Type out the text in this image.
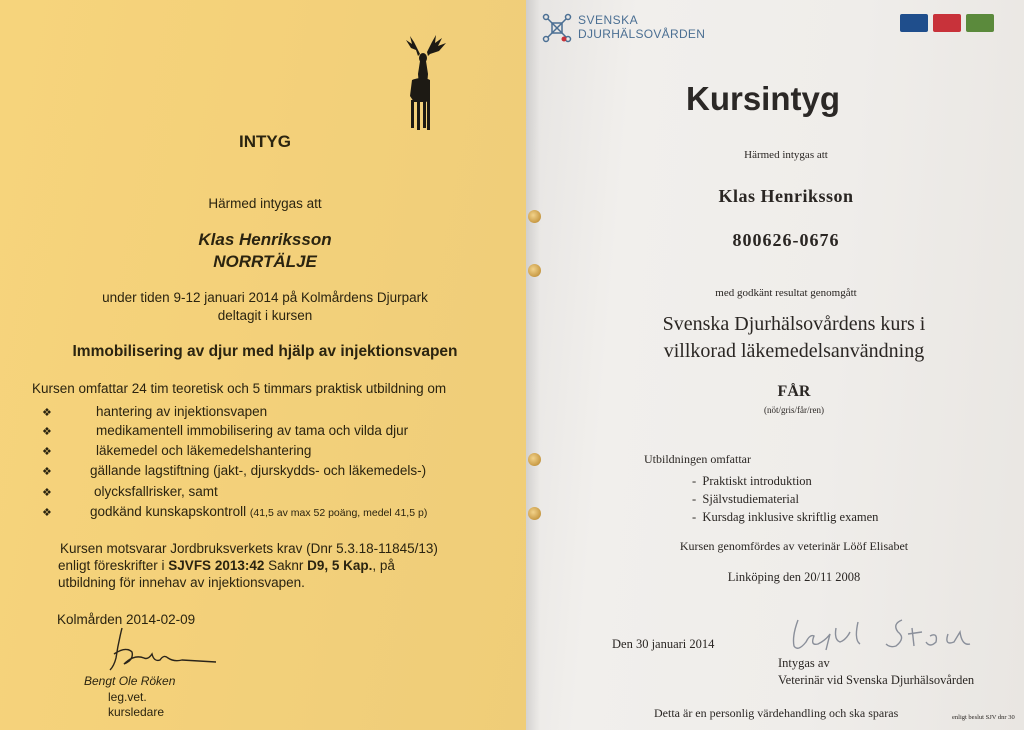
INTYG
Härmed intygas att
Klas Henriksson
NORRTÄLJE
under tiden 9-12 januari 2014 på Kolmårdens Djurpark
deltagit i kursen
Immobilisering av djur med hjälp av injektionsvapen
Kursen omfattar 24 tim teoretisk och 5 timmars praktisk utbildning om
❖	hantering av injektionsvapen
❖	medikamentell immobilisering av tama och vilda djur
❖	läkemedel och läkemedelshantering
❖	gällande lagstiftning (jakt-, djurskydds- och läkemedels-)
❖	olycksfallrisker, samt
❖	godkänd kunskapskontroll (41,5 av max 52 poäng, medel 41,5 p)
Kursen motsvarar Jordbruksverkets krav (Dnr 5.3.18-11845/13)
enligt föreskrifter i SJVFS 2013:42 Saknr D9, 5 Kap., på
utbildning för innehav av injektionsvapen.
Kolmården 2014-02-09
Bengt Ole Röken
leg.vet.
kursledare
SVENSKA
DJURHÄLSOVÅRDEN
Kursintyg
Härmed intygas att
Klas Henriksson
800626-0676
med godkänt resultat genomgått
Svenska Djurhälsovårdens kurs i
villkorad läkemedelsanvändning
FÅR
(nöt/gris/får/ren)
Utbildningen omfattar
-  Praktiskt introduktion
-  Självstudiematerial
-  Kursdag inklusive skriftlig examen
Kursen genomfördes av veterinär Lööf Elisabet
Linköping den 20/11 2008
Den 30 januari 2014
Intygas av
Veterinär vid Svenska Djurhälsovården
Detta är en personlig värdehandling och ska sparas	enligt beslut SJV dnr 30
